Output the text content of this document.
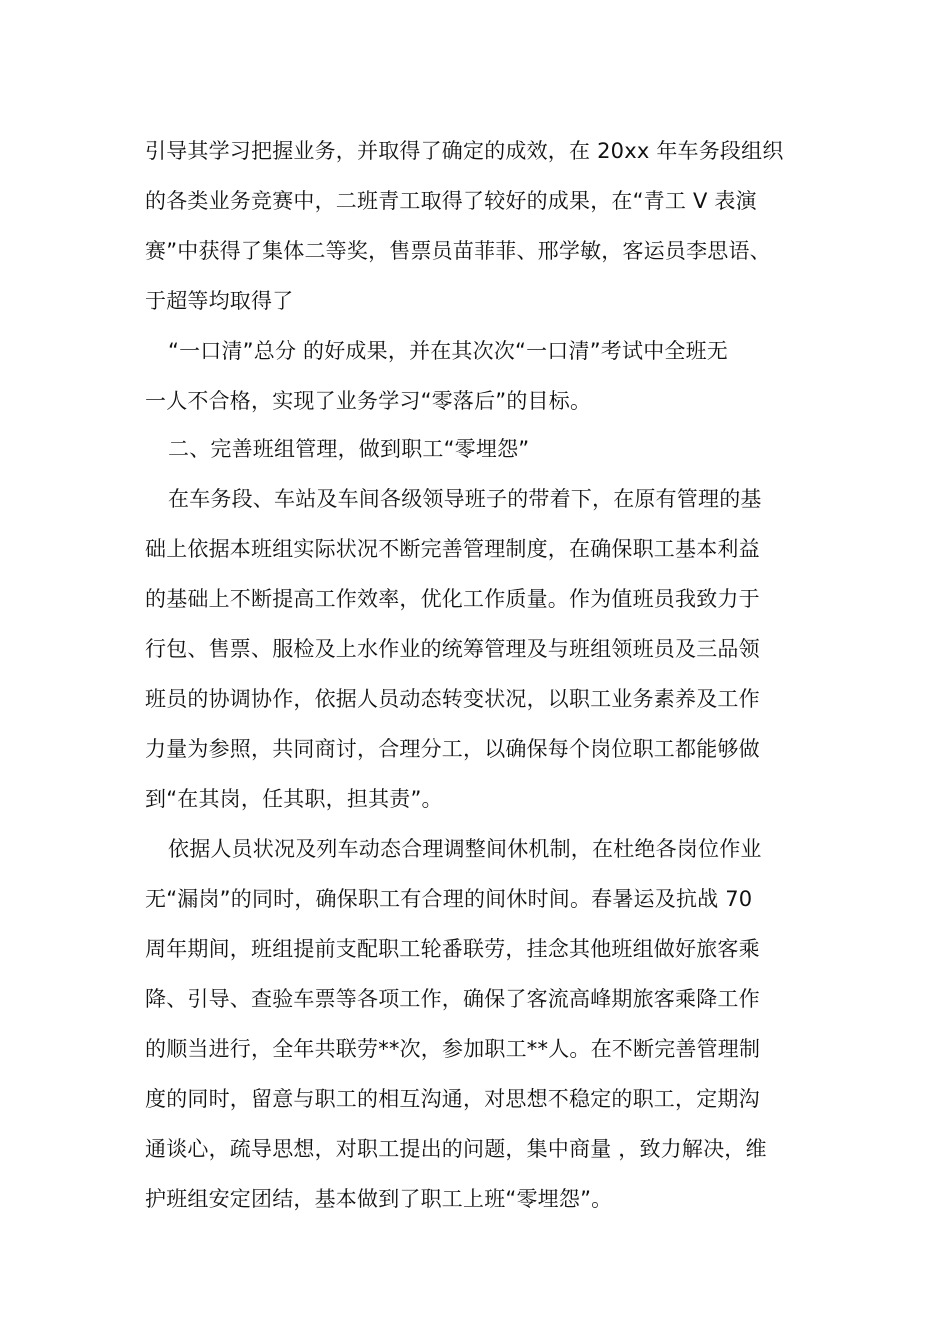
引导其学习把握业务，并取得了确定的成效，在 20xx 年车务段组织
的各类业务竞赛中，二班青工取得了较好的成果，在“青工 V 表演
赛”中获得了集体二等奖，售票员苗菲菲、邢学敏，客运员李思语、
于超等均取得了
“一口清”总分 的好成果，并在其次次“一口清”考试中全班无
一人不合格，实现了业务学习“零落后”的目标。
二、完善班组管理，做到职工“零埋怨”
在车务段、车站及车间各级领导班子的带着下，在原有管理的基
础上依据本班组实际状况不断完善管理制度，在确保职工基本利益
的基础上不断提高工作效率，优化工作质量。作为值班员我致力于
行包、售票、服检及上水作业的统筹管理及与班组领班员及三品领
班员的协调协作，依据人员动态转变状况，以职工业务素养及工作
力量为参照，共同商讨，合理分工，以确保每个岗位职工都能够做
到“在其岗，任其职，担其责”。
依据人员状况及列车动态合理调整间休机制，在杜绝各岗位作业
无“漏岗”的同时，确保职工有合理的间休时间。春暑运及抗战 70
周年期间，班组提前支配职工轮番联劳，挂念其他班组做好旅客乘
降、引导、查验车票等各项工作，确保了客流高峰期旅客乘降工作
的顺当进行，全年共联劳**次，参加职工**人。在不断完善管理制
度的同时，留意与职工的相互沟通，对思想不稳定的职工，定期沟
通谈心，疏导思想，对职工提出的问题，集中商量 ，致力解决，维
护班组安定团结，基本做到了职工上班“零埋怨”。
